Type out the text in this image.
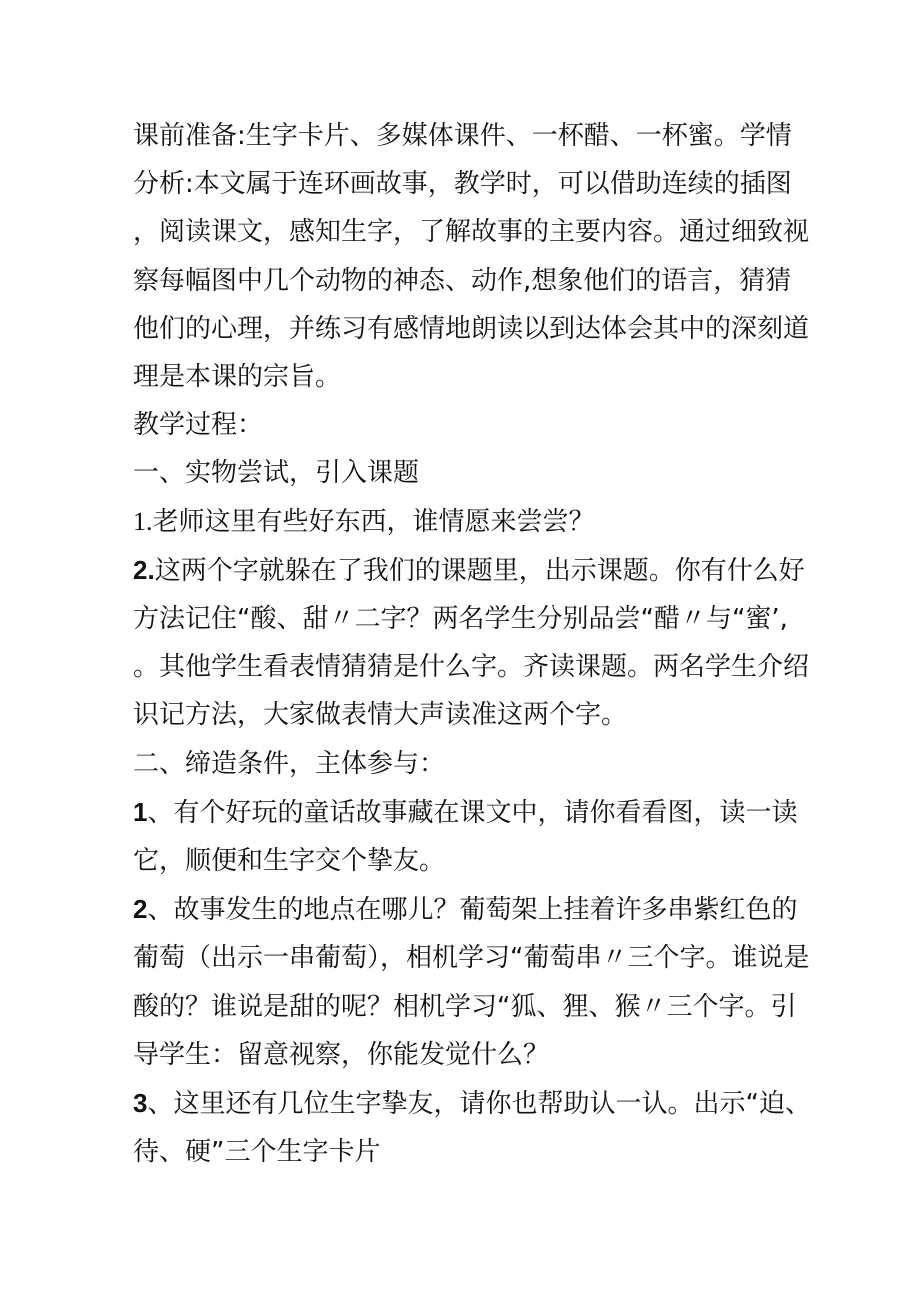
课前准备:生字卡片、多媒体课件、一杯醋、一杯蜜。学情分析:本文属于连环画故事，教学时，可以借助连续的插图，阅读课文，感知生字，了解故事的主要内容。通过细致视察每幅图中几个动物的神态、动作,想象他们的语言，猜猜他们的心理，并练习有感情地朗读以到达体会其中的深刻道理是本课的宗旨。

教学过程：

一、实物尝试，引入课题

1.老师这里有些好东西，谁情愿来尝尝？

2.这两个字就躲在了我们的课题里，出示课题。你有什么好方法记住“酸、甜〃二字？两名学生分别品尝“醋〃与“蜜’,。其他学生看表情猜猜是什么字。齐读课题。两名学生介绍识记方法，大家做表情大声读准这两个字。

二、缔造条件，主体参与：

1、有个好玩的童话故事藏在课文中，请你看看图，读一读它，顺便和生字交个挚友。

2、故事发生的地点在哪儿？葡萄架上挂着许多串紫红色的葡萄（出示一串葡萄），相机学习“葡萄串〃三个字。谁说是酸的？谁说是甜的呢？相机学习“狐、狸、猴〃三个字。引导学生：留意视察，你能发觉什么？

3、这里还有几位生字挚友，请你也帮助认一认。出示“迫、待、硬”三个生字卡片
